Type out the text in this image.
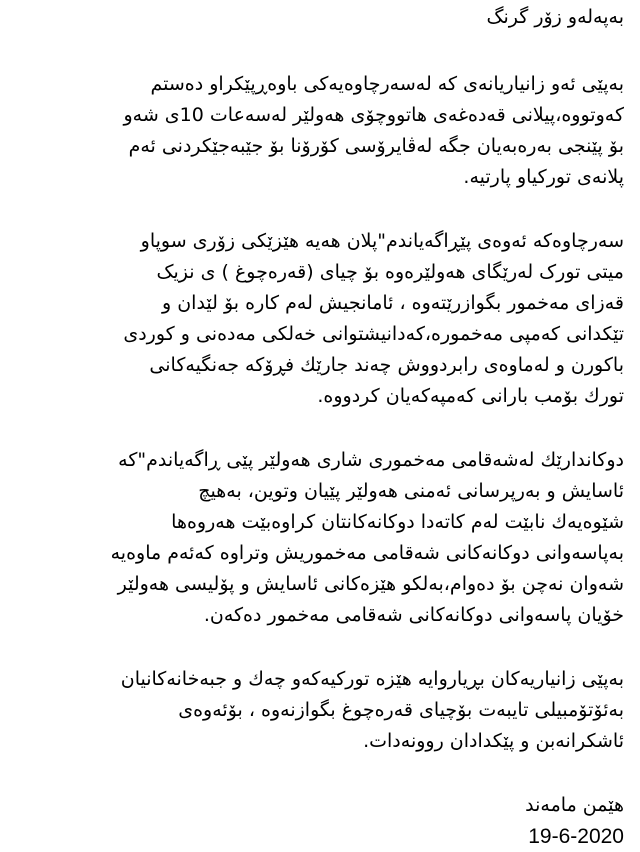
بەپەلەو زۆر گرنگ
بەپێی ئەو زانیاریانەی کە لەسەرچاوەیەکی باوەڕپێکراو دەستم
کەوتووە،پیلانی قەدەغەی هاتووچۆی هەولێر لەسەعات 10ی شەو
بۆ پێنجی بەرەبەیان جگە لەڤایرۆسی کۆرۆنا بۆ جێبەجێکردنی ئەم
پلانەی تورکیاو پارتیە.
سەرچاوەکە ئەوەی پێڕاگەیاندم"پلان هەیە هێزێکی زۆری سوپاو
میتی تورک لەرێگای هەولێرەوە بۆ چیای (قەرەچوغ ) ی نزیک
قەزای مەخمور بگوازرێتەوە ، ئامانجیش لەم کارە بۆ لێدان و
تێکدانی کەمپی مەخمورە،کەدانیشتوانی خەلکی مەدەنی و کوردی
باکورن و لەماوەی رابردووش چەند جارێك فڕۆکە جەنگیەکانی
تورك بۆمب بارانی کەمپەکەیان کردووە.
دوکاندارێك لەشەقامی مەخموری شاری هەولێر پێی ڕاگەیاندم"کە
ئاسایش و بەرپرسانی ئەمنی هەولێر پێیان وتوین، بەهیچ
شێوەیەك نابێت لەم کاتەدا دوکانەکانتان کراوەبێت هەروەها
بەپاسەوانی دوکانەکانی شەقامی مەخموریش وتراوە کەئەم ماوەیە
شەوان نەچن بۆ دەوام،بەلکو هێزەکانی ئاسایش و پۆلیسی هەولێر
خۆیان پاسەوانی دوکانەکانی شەقامی مەخمور دەکەن.
بەپێی زانیاریەکان بڕیاروایە هێزە تورکیەکەو چەك و جبەخانەکانیان
بەئۆتۆمبیلی تایبەت بۆچیای قەرەچوغ بگوازنەوە ، بۆئەوەی
ئاشکرانەبن و پێکدادان روونەدات.
هێمن مامەند
19-6-2020
